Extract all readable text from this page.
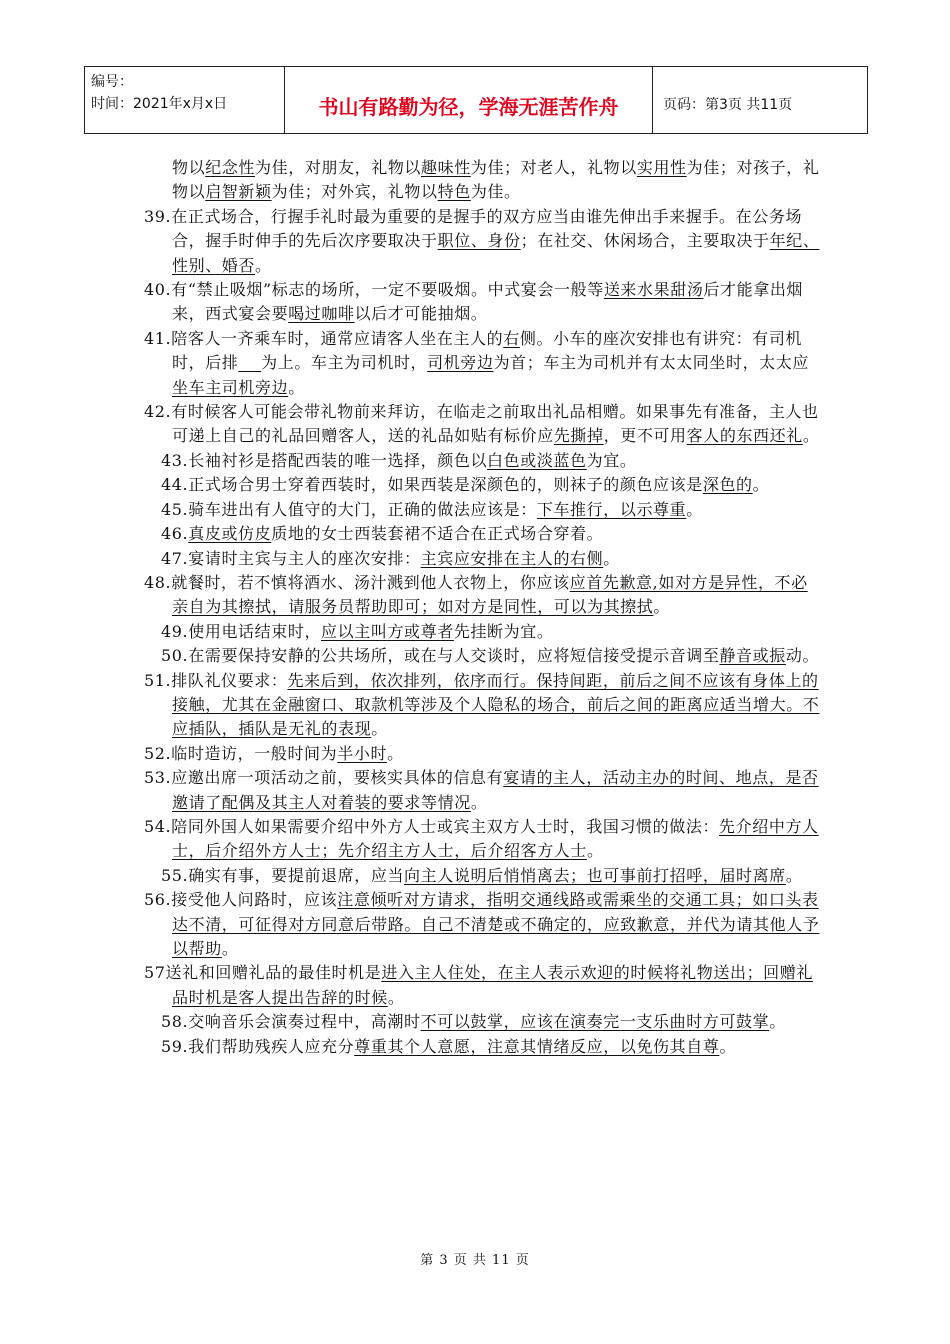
编号：
时间：2021年x月x日	书山有路勤为径，学海无涯苦作舟	页码：第3页 共11页

物以纪念性为佳，对朋友，礼物以趣味性为佳；对老人，礼物以实用性为佳；对孩子，礼物以启智新颖为佳；对外宾，礼物以特色为佳。

39.在正式场合，行握手礼时最为重要的是握手的双方应当由谁先伸出手来握手。在公务场合，握手时伸手的先后次序要取决于职位、身份；在社交、休闲场合，主要取决于年纪、性别、婚否。

40.有“禁止吸烟”标志的场所，一定不要吸烟。中式宴会一般等送来水果甜汤后才能拿出烟来，西式宴会要喝过咖啡以后才可能抽烟。

41.陪客人一齐乘车时，通常应请客人坐在主人的右侧。小车的座次安排也有讲究：有司机时，后排 为上。车主为司机时，司机旁边为首；车主为司机并有太太同坐时，太太应坐车主司机旁边。

42.有时候客人可能会带礼物前来拜访，在临走之前取出礼品相赠。如果事先有准备，主人也可递上自己的礼品回赠客人，送的礼品如贴有标价应先撕掉，更不可用客人的东西还礼。

43.长袖衬衫是搭配西装的唯一选择，颜色以白色或淡蓝色为宜。

44.正式场合男士穿着西装时，如果西装是深颜色的，则袜子的颜色应该是深色的。

45.骑车进出有人值守的大门，正确的做法应该是：下车推行，以示尊重。

46.真皮或仿皮质地的女士西装套裙不适合在正式场合穿着。

47.宴请时主宾与主人的座次安排：主宾应安排在主人的右侧。

48.就餐时，若不慎将酒水、汤汁溅到他人衣物上，你应该应首先歉意,如对方是异性，不必亲自为其擦拭，请服务员帮助即可；如对方是同性，可以为其擦拭。

49.使用电话结束时，应以主叫方或尊者先挂断为宜。

50.在需要保持安静的公共场所，或在与人交谈时，应将短信接受提示音调至静音或振动。

51.排队礼仪要求：先来后到，依次排列，依序而行。保持间距，前后之间不应该有身体上的接触，尤其在金融窗口、取款机等涉及个人隐私的场合，前后之间的距离应适当增大。不应插队，插队是无礼的表现。

52.临时造访，一般时间为半小时。

53.应邀出席一项活动之前，要核实具体的信息有宴请的主人，活动主办的时间、地点，是否邀请了配偶及其主人对着装的要求等情况。

54.陪同外国人如果需要介绍中外方人士或宾主双方人士时，我国习惯的做法：先介绍中方人士，后介绍外方人士；先介绍主方人士，后介绍客方人士。

55.确实有事，要提前退席，应当向主人说明后悄悄离去；也可事前打招呼，届时离席。

56.接受他人问路时，应该注意倾听对方请求，指明交通线路或需乘坐的交通工具；如口头表达不清，可征得对方同意后带路。自己不清楚或不确定的，应致歉意，并代为请其他人予以帮助。

57送礼和回赠礼品的最佳时机是进入主人住处，在主人表示欢迎的时候将礼物送出；回赠礼品时机是客人提出告辞的时候。

58.交响音乐会演奏过程中，高潮时不可以鼓掌，应该在演奏完一支乐曲时方可鼓掌。

59.我们帮助残疾人应充分尊重其个人意愿，注意其情绪反应，以免伤其自尊。

第 3 页 共 11 页
